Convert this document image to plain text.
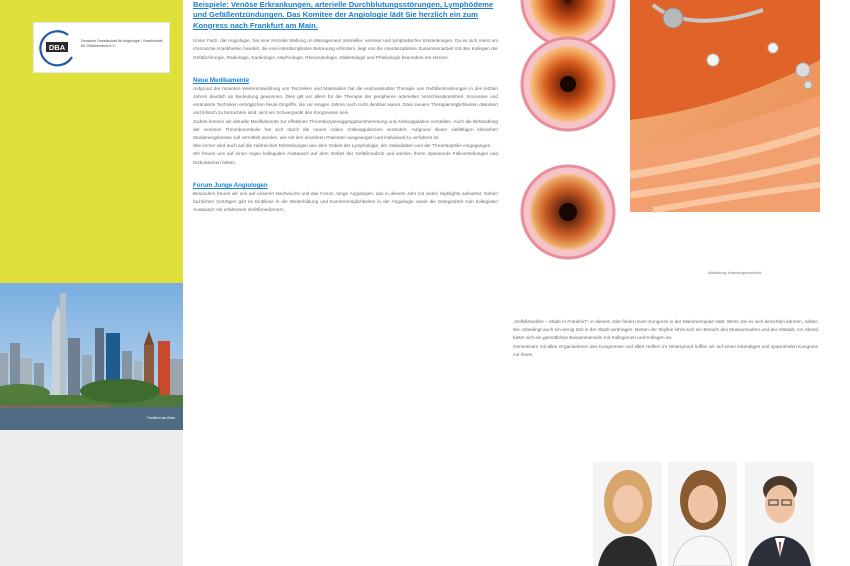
DBA
Deutsche Gesellschaft für Angiologie / Gesellschaft für Gefäßmedizin e.V.
Frankfurt am Main

Beispiele: Venöse Erkrankungen, arterielle Durchblutungsstörungen, Lymphödeme und Gefäßentzündungen. Das Komitee der Angiologie lädt Sie herzlich ein zum Kongress nach Frankfurt am Main.

Unser Fach, die Angiologie, hat eine zentrale Stellung im Management arterieller, venöser und lymphatischer Erkrankungen. Da es sich meist um chronische Krankheiten handelt, die eine interdisziplinäre Betreuung erfordern, liegt uns die interdisziplinäre Zusammenarbeit mit den Kollegen der Gefäßchirurgie, Radiologie, Kardiologie, Nephrologie, Rheumatologie, Diabetologie und Phlebologie besonders am Herzen.

Neue Medikamente

Aufgrund der rasanten Weiterentwicklung von Techniken und Materialien hat die endovaskuläre Therapie von Gefäßerkrankungen in den letzten Jahren deutlich an Bedeutung gewonnen. Dies gilt vor allem für die Therapie der peripheren arteriellen Verschlusskrankheit. Innovative und veränderte Techniken ermöglichen heute Eingriffe, die vor einigen Jahren noch nicht denkbar waren. Dass neuere Therapiemöglichkeiten diskutiert und kritisch zu betrachten sind, wird ein Schwerpunkt des Kongresses sein.

Zudem können wir aktuelle Medikamente zur effektiven Thrombozytenaggregationshemmung und Antikoagulation vorstellen. Auch die Behandlung der venösen Thromboembolie hat sich durch die neuen oralen Antikoagulanzien verändert. Aufgrund dieser vielfältigen klinischen Studienergebnisse soll vermittelt werden, wie mit den einzelnen Patienten ausgewogen und individuell zu verfahren ist.

Wie immer wird auch auf die zahlreichen Erkrankungen aus dem Gebiet der Lymphologie, der Vaskulitiden und der Thrombophilie eingegangen.

Wir freuen uns auf einen regen kollegialen Austausch auf dem Gebiet der Gefäßmedizin und werden Ihnen spannende Fallvorstellungen und Diskussionen bieten.

Forum Junge Angiologen

Besonders freuen wir uns auf unseren Nachwuchs und das Forum Junge Angiologen, das in diesem Jahr mit vielen Highlights aufwartet. Neben fachlichen Vorträgen gibt es Einblicke in die Weiterbildung und Karrieremöglichkeiten in der Angiologie sowie die Gelegenheit zum kollegialen Austausch mit erfahrenen Gefäßmedizinern.

Abbildung: Arterienquerschnitt

„Gefäßmedizin – Made in Frankfurt“: in diesem Jahr findet unser Kongress in der Mainmetropole statt. Wenn Sie es sich einrichten können, sollten Sie unbedingt auch ein wenig Zeit in der Stadt verbringen. Neben der Skyline lohnt sich ein Besuch des Museumsufers und der Altstadt. Am Abend bietet sich ein gemütliches Beisammensein mit Kolleginnen und Kollegen an.

Gemeinsam mit allen Organisatoren des Kongresses und allen Helfern im Hintergrund hoffen wir auf einen lebendigen und spannenden Kongress mit Ihnen.
